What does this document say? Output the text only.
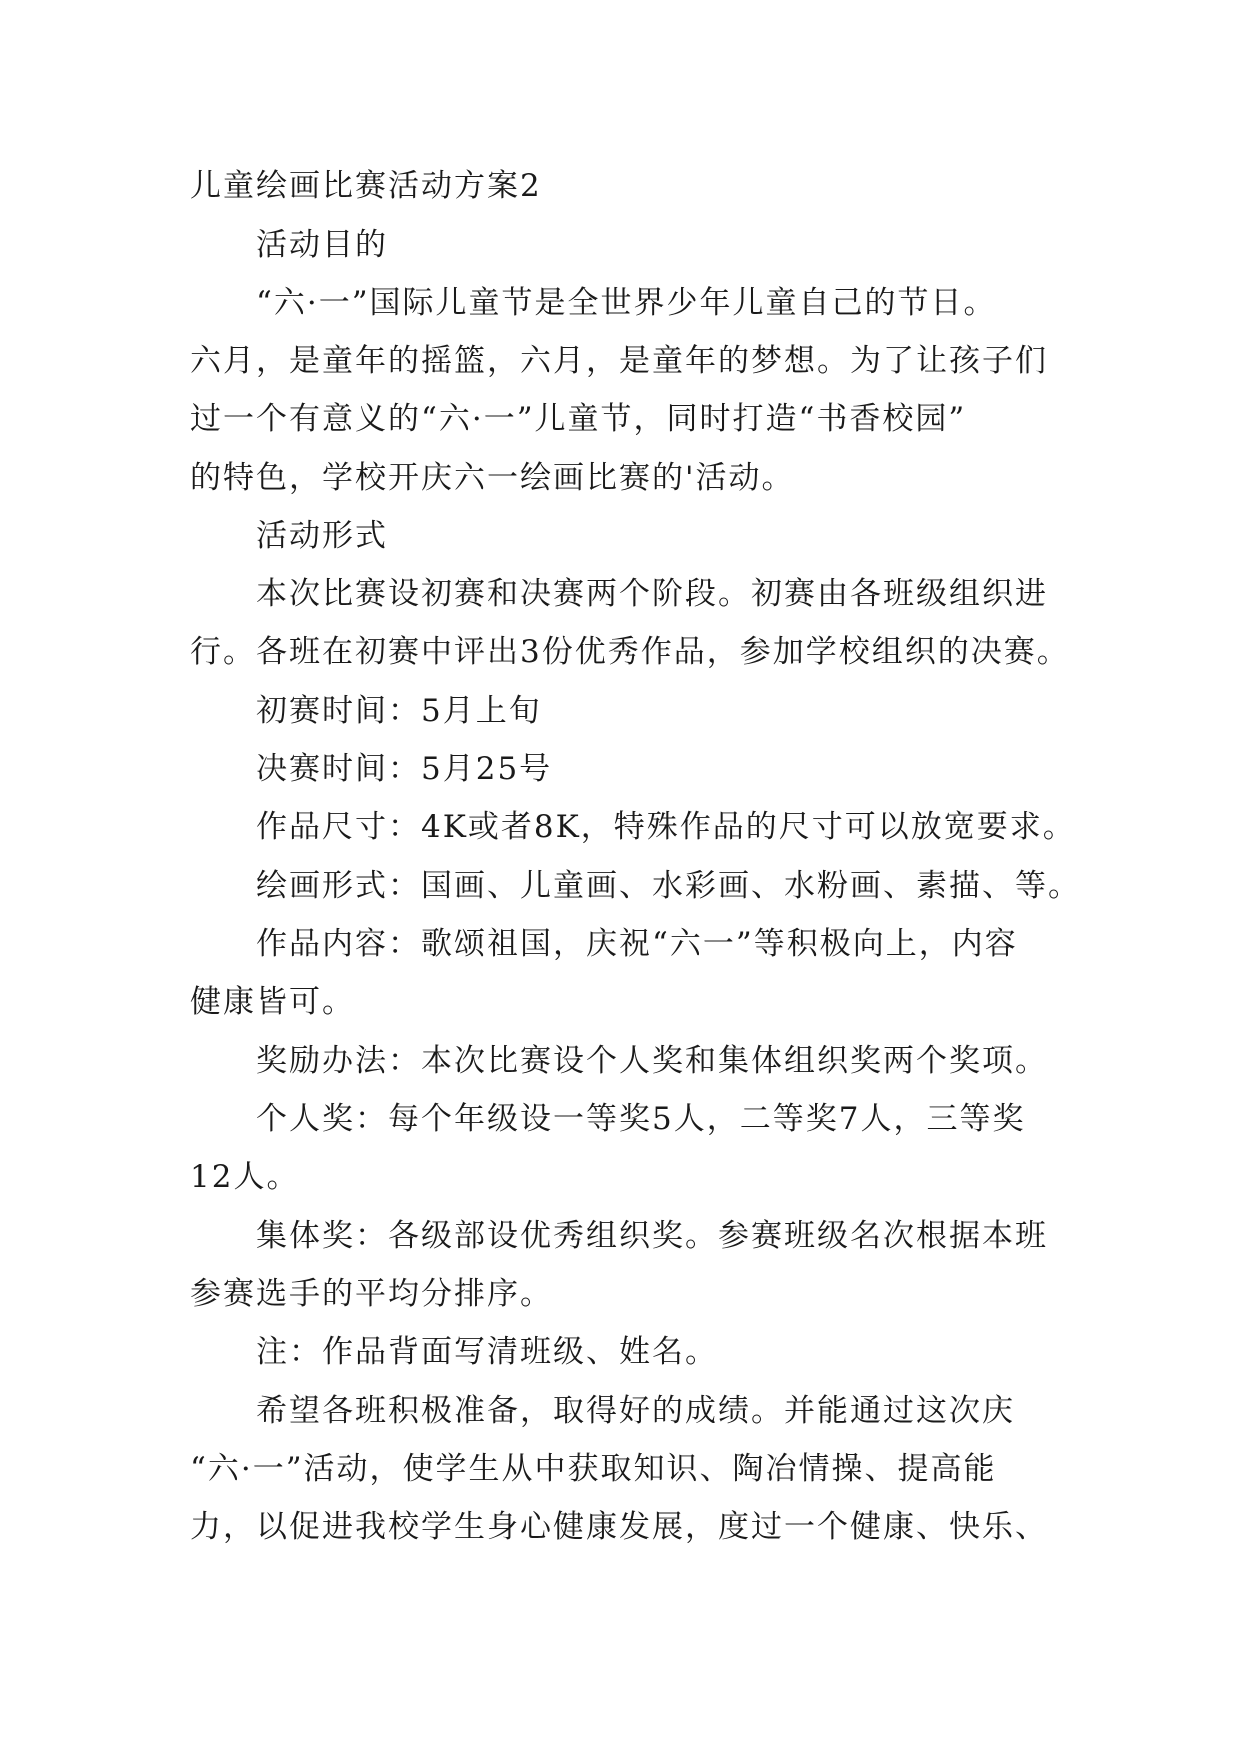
儿童绘画比赛活动方案2
活动目的
“六·一”国际儿童节是全世界少年儿童自己的节日。
六月，是童年的摇篮，六月，是童年的梦想。为了让孩子们
过一个有意义的“六·一”儿童节，同时打造“书香校园”
的特色，学校开庆六一绘画比赛的'活动。
活动形式
本次比赛设初赛和决赛两个阶段。初赛由各班级组织进
行。各班在初赛中评出3份优秀作品，参加学校组织的决赛。
初赛时间：5月上旬
决赛时间：5月25号
作品尺寸：4K或者8K，特殊作品的尺寸可以放宽要求。
绘画形式：国画、儿童画、水彩画、水粉画、素描、等。
作品内容：歌颂祖国，庆祝“六一”等积极向上，内容
健康皆可。
奖励办法：本次比赛设个人奖和集体组织奖两个奖项。
个人奖：每个年级设一等奖5人，二等奖7人，三等奖
12人。
集体奖：各级部设优秀组织奖。参赛班级名次根据本班
参赛选手的平均分排序。
注：作品背面写清班级、姓名。
希望各班积极准备，取得好的成绩。并能通过这次庆
“六·一”活动，使学生从中获取知识、陶冶情操、提高能
力，以促进我校学生身心健康发展，度过一个健康、快乐、
